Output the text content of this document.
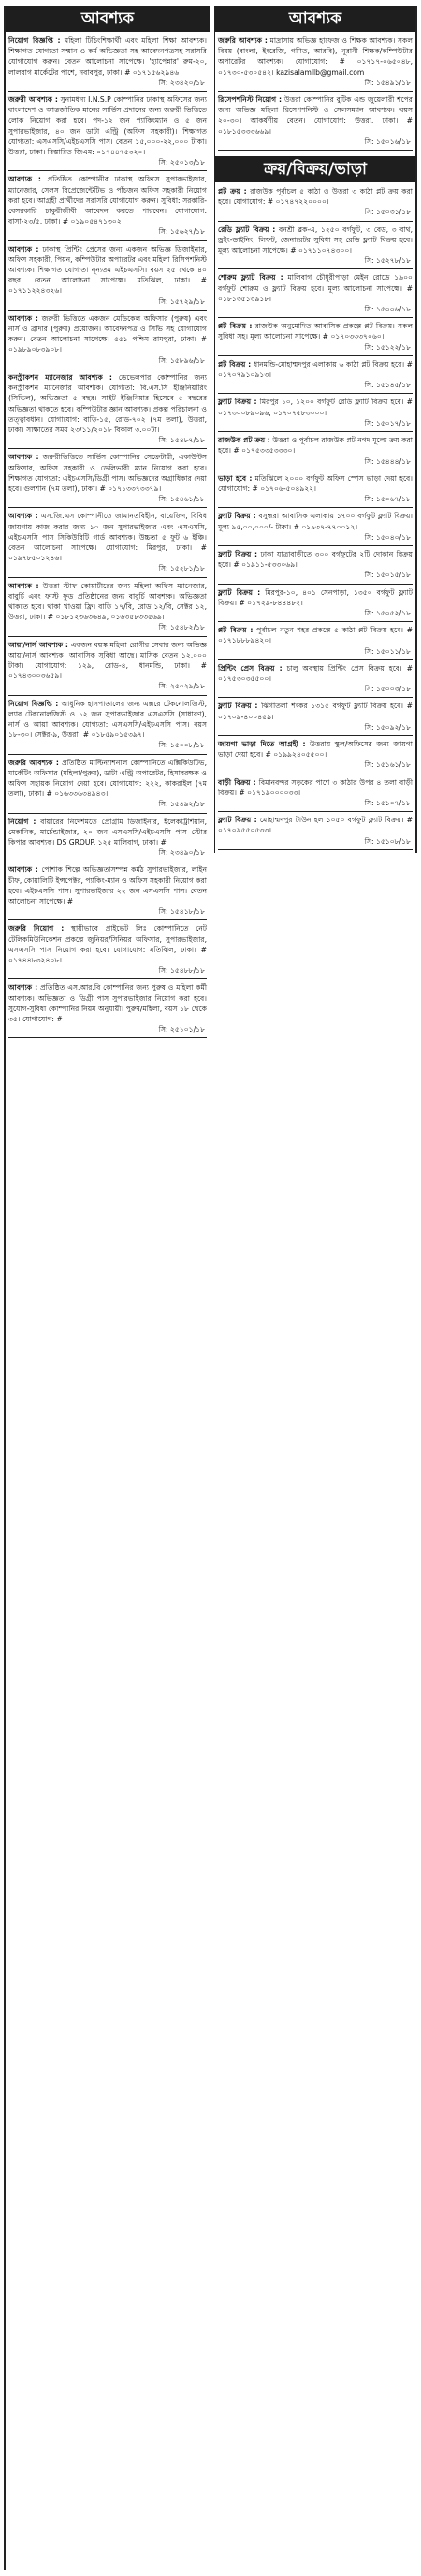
আবশ্যক
নিয়োগ বিজ্ঞপ্তি : মহিলা টিচিংশিক্ষার্থী এবং মহিলা শিক্ষা আবশ্যক। শিক্ষাগত যোগ্যতা সম্মান ও কর্ম অভিজ্ঞতা সহ আবেদনপত্রসহ সরাসরি যোগাযোগ করুন। বেতন আলোচনা সাপেক্ষে। 'হ্যাপেন্নার' রুম-২০, লালবাগ মার্কেটের পাশে, নবাবপুর, ঢাকা। # ০১৭১৫৬২৯৪৬
সি: ২৩৪২০/১৮
জরুরী আবশ্যক : সুনামধন্য I.N.S.P কোম্পানির ঢাকাস্থ অফিসের জন্য বাংলাদেশ ও আন্তর্জাতিক মানের সার্ভিস প্রদানের জন্য জরুরী ভিত্তিতে লোক নিয়োগ করা হবে। পদ-১২ জন প্যাকিংম্যান ও ৫ জন সুপারভাইজার, ৪০ জন ডাটা এন্ট্রি (অফিস সহকারী)। শিক্ষাগত যোগ্যতা: এসএসসি/এইচএসসি পাস। বেতন ১৫,০০০-২২,০০০ টাকা। উত্তরা, ঢাকা। বিস্তারিত জিএম: ০১৭৪৪৭৫৩২০।
সি: ২৫০১৩/১৮
আবশ্যক : প্রতিষ্ঠিত কোম্পানীর ঢাকাস্থ অফিসে সুপারভাইজার, ম্যানেজার, সেলস রিপ্রেজেন্টেটিভ ও পাঁচজন অফিস সহকারী নিয়োগ করা হবে। আগ্রহী প্রার্থীদের সরাসরি যোগাযোগ করুন। সুবিধা: সরকারি-বেসরকারি চাকুরীজীবী আবেদন করতে পারবেন। যোগাযোগ: বাসা-২৩/৫, ঢাকা। # ০১৯০৫৪৭১৩০২।
সি: ১৫৬২৭/১৮
আবশ্যক : ঢাকাস্থ প্রিন্টিং প্রেসের জন্য একজন অভিজ্ঞ ডিজাইনার, অফিস সহকারী, পিয়ন, কম্পিউটার অপারেটর এবং মহিলা রিসিপশনিস্ট আবশ্যক। শিক্ষাগত যোগ্যতা নূন্যতম এইচএসসি। বয়স ২৫ থেকে ৪০ বছর। বেতন আলোচনা সাপেক্ষে। মতিঝিল, ঢাকা। # ০১৭১১২২৪৩২৬।
সি: ১৫৭২৯/১৮
আবশ্যক : জরুরী ভিত্তিতে একজন মেডিকেল অফিসার (পুরুষ) এবং নার্স ও ব্রাদার (পুরুষ) প্রয়োজন। আবেদনপত্র ও সিভি সহ যোগাযোগ করুন। বেতন আলোচনা সাপেক্ষে। ৫৫১ পশ্চিম রামপুরা, ঢাকা। # ০১৯৮৯০৮৩৯০৮।
সি: ১৫৮৯৬/১৮
কনস্ট্রাকশন ম্যানেজার আবশ্যক : ডেভেলপার কোম্পানির জন্য কনস্ট্রাকশন ম্যানেজার আবশ্যক। যোগ্যতা: বি.এস.সি ইঞ্জিনিয়ারিং (সিভিল), অভিজ্ঞতা ৫ বছর। সাইট ইঞ্জিনিয়ার হিসেবে ৫ বছরের অভিজ্ঞতা থাকতে হবে। কম্পিউটার জ্ঞান আবশ্যক। প্রকল্প পরিচালনা ও তত্ত্বাবধান। যোগাযোগ: বাড়ি-১৫, রোড-৭০২ (৭ম তলা), উত্তরা, ঢাকা। সাক্ষাতের সময় ২৩/১১/২০১৮ বিকাল ৩.০০টা।
সি: ১৫৪৮৭/১৮
আবশ্যক : জরুরীভিত্তিতে সার্ভিস কোম্পানির সেক্রেটারী, একাউন্টস অফিসার, অফিস সহকারী ও ডেলিভারী ম্যান নিয়োগ করা হবে। শিক্ষাগত যোগ্যতা: এইচএসসি/ডিগ্রী পাস। অভিজ্ঞদের অগ্রাধিকার দেয়া হবে। গুলশান (৭ম তলা), ঢাকা। # ০১৭১৩৩৭৩৩৭৯।
সি: ১৫৪৬১/১৮
আবশ্যক : এস.জি.এস কোম্পানীতে জামানতবিহীন, বায়েজিদ, বিবিধ জায়গায় কাজ করার জন্য ১০ জন সুপারভাইজার এবং এসএসসি, এইচএসসি পাস সিকিউরিটি গার্ড আবশ্যক। উচ্চতা ৫ ফুট ৬ ইঞ্চি। বেতন আলোচনা সাপেক্ষে। যোগাযোগ: মিরপুর, ঢাকা। # ০১৯৭৮৫০১২৪৬।
সি: ১৫২৮১/১৮
আবশ্যক : উত্তরা স্টাফ কোয়ার্টারের জন্য মহিলা অফিস ম্যানেজার, বাবুর্চি এবং ফাস্ট ফুড প্রতিষ্ঠানের জন্য বাবুর্চি আবশ্যক। অভিজ্ঞতা থাকতে হবে। থাকা খাওয়া ফ্রি। বাড়ি ১৭/বি, রোড ১২/বি, সেক্টর ১২, উত্তরা, ঢাকা। # ০১৮১২৩৬৩৬৪৯, ০১৬৩৫৮৩৩৫৬৯।
সি: ১৫৪৮২/১৮
আয়া/নার্স আবশ্যক : একজন বয়স্ক মহিলা রোগীর সেবার জন্য অভিজ্ঞ আয়া/নার্স আবশ্যক। আবাসিক সুবিধা আছে। মাসিক বেতন ১২,০০০ টাকা। যোগাযোগ: ১২৯, রোড-৪, ধানমন্ডি, ঢাকা। # ০১৭৪৩০০৩৬৫৯।
সি: ২৫০২৯/১৮
নিয়োগ বিজ্ঞপ্তি : আধুনিক হাসপাতালের জন্য এক্সরে টেকনোলজিস্ট, ল্যাব টেকনোলজিস্ট ও ১২ জন সুপারভাইজার এসএসসি (সাধারণ), নার্স ও আয়া আবশ্যক। যোগ্যতা: এসএসসি/এইচএসসি পাস। বয়স ১৮-৩০। সেক্টর-৯, উত্তরা। # ০১৮৫৯০১৫৩৯৭।
সি: ১৫০০৮/১৮
জরুরি আবশ্যক : প্রতিষ্ঠিত মাল্টিন্যাশনাল কোম্পানিতে এক্সিকিউটিভ, মার্কেটিং অফিসার (মহিলা/পুরুষ), ডাটা এন্ট্রি অপারেটর, হিসাবরক্ষক ও অফিস সহায়ক নিয়োগ দেয়া হবে। যোগাযোগ: ২২২, কাকরাইল (৭ম তলা), ঢাকা। # ০১৬৩৩৬৩৪৯৪৩।
সি: ১৫৪৯২/১৮
নিয়োগ : বায়ারের নির্দেশমতে প্রোগ্রাম ডিজাইনার, ইলেকট্রিশিয়ান, মেকানিক, মার্চেন্ডাইজার, ২০ জন এসএসসি/এইচএসসি পাস স্টোর কিপার আবশ্যক। DS GROUP. ১২৫ মালিবাগ, ঢাকা। #
সি: ২৩৪৯০/১৮
আবশ্যক : পোশাক শিল্পে অভিজ্ঞতাসম্পন্ন কর্মঠ সুপারভাইজার, লাইন চীফ, কোয়ালিটি ইন্সপেক্টর, প্যাকিং-ম্যান ও অফিস সহকারী নিয়োগ করা হবে। এইচএসসি পাস। সুপারভাইজার ২২ জন এসএসসি পাস। বেতন আলোচনা সাপেক্ষে। #
সি: ১৫৪১৮/১৮
জরুরি নিয়োগ : স্থায়ীভাবে প্রাইভেট লিঃ কোম্পানিতে নেট টেলিকমিউনিকেশন প্রকল্পে জুনিয়র/সিনিয়র অফিসার, সুপারভাইজার, এসএসসি পাস নিয়োগ করা হবে। যোগাযোগ: মতিঝিল, ঢাকা। # ০১৭৪৪৮৩২৪০৮।
সি: ১৫৪৮৮/১৮
আবশ্যক : প্রতিষ্ঠিত এস.আর.বি কোম্পানির জন্য পুরুষ ও মহিলা কর্মী আবশ্যক। অভিজ্ঞতা ও ডিগ্রী পাস সুপারভাইজার নিয়োগ করা হবে। সুযোগ-সুবিধা কোম্পানির নিয়ম অনুযায়ী। পুরুষ/মহিলা, বয়স ১৮ থেকে ৩৫। যোগাযোগ: #
সি: ২৫১০১/১৮
আবশ্যক
জরুরি আবশ্যক : মাদ্রাসায় অভিজ্ঞ হাফেজ ও শিক্ষক আবশ্যক। সকল বিষয় (বাংলা, ইংরেজি, গণিত, আরবি), নূরানী শিক্ষক/কম্পিউটার অপারেটর আবশ্যক। যোগাযোগ: # ০১৭১৭-০৬৫০৪৮, ০১৭৩০-৫৩০৫৪২। kazisalamllb@gmail.com
সি: ১৫৪৯১/১৮
রিসেপশনিস্ট নিয়োগ : উত্তরা কোম্পানির বুটিক এন্ড জুয়েলারী শপের জন্য অভিজ্ঞ মহিলা রিসেপশনিস্ট ও সেলসম্যান আবশ্যক। বয়স ২০-৩০। আকর্ষণীয় বেতন। যোগাযোগ: উত্তরা, ঢাকা। # ০১৮১৫৩৩৩৬৬৯।
সি: ১৫০১৬/১৮
ক্রয়/বিক্রয়/ভাড়া
প্লট ক্রয় : রাজউক পূর্বাচল ৫ কাঠা ও উত্তরা ৩ কাঠা প্লট ক্রয় করা হবে। যোগাযোগ: # ০১৭৪৭২২০০০০।
সি: ১৫০৩১/১৮
রেডি ফ্ল্যাট বিক্রয় : বনশ্রী ব্লক-এ, ১২৫০ বর্গফুট, ৩ বেড, ৩ বাথ, ড্রইং-ডাইনিং, লিফট, জেনারেটর সুবিধা সহ রেডি ফ্ল্যাট বিক্রয় হবে। মূল্য আলোচনা সাপেক্ষে। # ০১৭১১০৭৪৩০০।
সি: ১৫২৭৮/১৮
শোরুম ফ্ল্যাট বিক্রয় : মালিবাগ চৌধুরীপাড়া মেইন রোডে ১৬০০ বর্গফুট শোরুম ও ফ্ল্যাট বিক্রয় হবে। মূল্য আলোচনা সাপেক্ষে। # ০১৮১৩৫১৩৯১৮।
সি: ১৫০০৬/১৮
প্লট বিক্রয় : রাজউক অনুমোদিত আবাসিক প্রকল্পে প্লট বিক্রয়। সকল সুবিধা সহ। মূল্য আলোচনা সাপেক্ষে। # ০১৭০৩৩৩৭০৬০।
সি: ১৫১২২/১৮
প্লট বিক্রয় : ধানমন্ডি-মোহাম্মদপুর এলাকায় ৬ কাঠা প্লট বিক্রয় হবে। # ০১৭০৭৯১০৯১৩।
সি: ১৫১৪৫/১৮
ফ্ল্যাট বিক্রয় : মিরপুর ১০, ১২০০ বর্গফুট রেডি ফ্ল্যাট বিক্রয় হবে। # ০১৭৩০০৮৯০৯৬, ০১৭০৭৫৮৩০০০।
সি: ১৫০১৭/১৮
রাজউক প্লট ক্রয় : উত্তরা ও পূর্বাচল রাজউক প্লট নগদ মূল্যে ক্রয় করা হবে। # ০১৭৫৩৩৫৩৩৩০।
সি: ১৫৪৪৪/১৮
ভাড়া হবে : মতিঝিলে ২০০০ বর্গফুট অফিস স্পেস ভাড়া দেয়া হবে। যোগাযোগ: # ০১৭০৬-৫০৪৯২২।
সি: ১৫০৬৭/১৮
ফ্ল্যাট বিক্রয় : বসুন্ধরা আবাসিক এলাকায় ১৭০০ বর্গফুট ফ্ল্যাট বিক্রয়। মূল্য ৯৫,০০,০০০/- টাকা। # ০১৯৩৭-৭৭০০১২।
সি: ১৫০৪০/১৮
ফ্ল্যাট বিক্রয় : ঢাকা যাত্রাবাড়ীতে ৩০০ বর্গফুটের ২টি দোকান বিক্রয় হবে। # ০১৯১১-৫৩৩০৬৯।
সি: ১৫০১৫/১৮
ফ্ল্যাট বিক্রয় : মিরপুর-১০, ৪০১ সেনপাড়া, ১৩৫০ বর্গফুট ফ্ল্যাট বিক্রয়। # ০১৭২৯-৮৪৪৪৮২।
সি: ১৫০৫২/১৮
প্লট বিক্রয় : পূর্বাচল নতুন শহর প্রকল্পে ৫ কাঠা প্লট বিক্রয় হবে। # ০১৭১৮৮৮৯৪২০।
সি: ১৫০১১/১৮
প্রিন্টিং প্রেস বিক্রয় : চালু অবস্থায় প্রিন্টিং প্রেস বিক্রয় হবে। # ০১৭৫৩০৩৫৫০০।
সি: ১৫০০৩/১৮
ফ্ল্যাট বিক্রয় : ঝিগাতলা শংকর ১৩১৫ বর্গফুট ফ্ল্যাট বিক্রয় হবে। # ০১৭০৯-৪০০৪৫৯।
সি: ১৫০৯২/১৮
জায়গা ভাড়া দিতে আগ্রহী : উত্তরায় স্কুল/অফিসের জন্য জায়গা ভাড়া দেয়া হবে। # ০১৯৯২৪০৫৫০০।
সি: ১৫১৬১/১৮
বাড়ী বিক্রয় : বিমানবন্দর সড়কের পাশে ৩ কাঠার উপর ৪ তলা বাড়ী বিক্রয়। # ০১৭১৯০০০০৩৩।
সি: ১৫১০৭/১৮
ফ্ল্যাট বিক্রয় : মোহাম্মদপুর টাউন হল ১০৫০ বর্গফুট ফ্ল্যাট বিক্রয়। # ০১৭০৯৫৫০৫৩৩।
সি: ১৫১০৮/১৮
